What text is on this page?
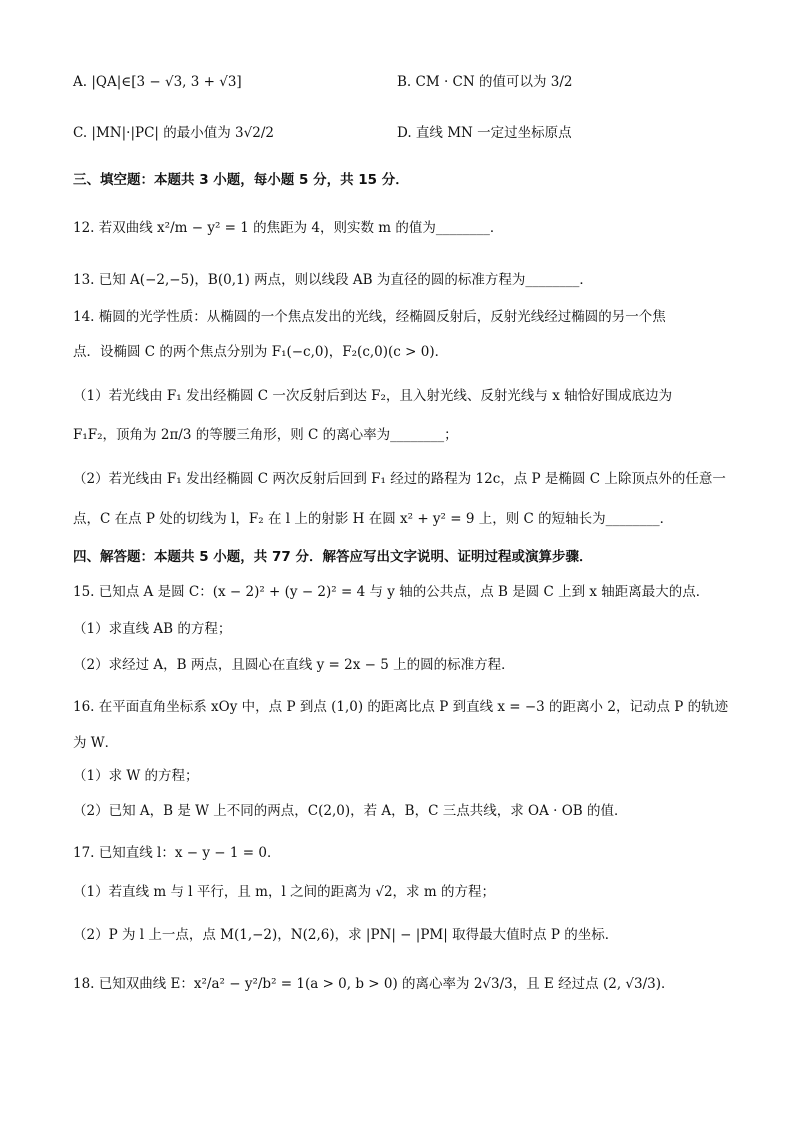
A. |QA|∈[3 − √3, 3 + √3]	B. CM · CN 的值可以为 3/2
C. |MN|·|PC| 的最小值为 3√2/2	D. 直线 MN 一定过坐标原点
三、填空题：本题共 3 小题，每小题 5 分，共 15 分．
12. 若双曲线 x²/m − y² = 1 的焦距为 4，则实数 m 的值为________．
13. 已知 A(−2,−5)，B(0,1) 两点，则以线段 AB 为直径的圆的标准方程为________．
14. 椭圆的光学性质：从椭圆的一个焦点发出的光线，经椭圆反射后，反射光线经过椭圆的另一个焦
点．设椭圆 C 的两个焦点分别为 F₁(−c,0)，F₂(c,0)(c > 0)．
（1）若光线由 F₁ 发出经椭圆 C 一次反射后到达 F₂，且入射光线、反射光线与 x 轴恰好围成底边为
F₁F₂，顶角为 2π/3 的等腰三角形，则 C 的离心率为________；
（2）若光线由 F₁ 发出经椭圆 C 两次反射后回到 F₁ 经过的路程为 12c，点 P 是椭圆 C 上除顶点外的任意一
点，C 在点 P 处的切线为 l，F₂ 在 l 上的射影 H 在圆 x² + y² = 9 上，则 C 的短轴长为________．
四、解答题：本题共 5 小题，共 77 分．解答应写出文字说明、证明过程或演算步骤．
15. 已知点 A 是圆 C：(x − 2)² + (y − 2)² = 4 与 y 轴的公共点，点 B 是圆 C 上到 x 轴距离最大的点．
（1）求直线 AB 的方程；
（2）求经过 A，B 两点，且圆心在直线 y = 2x − 5 上的圆的标准方程．
16. 在平面直角坐标系 xOy 中，点 P 到点 (1,0) 的距离比点 P 到直线 x = −3 的距离小 2，记动点 P 的轨迹
为 W．
（1）求 W 的方程；
（2）已知 A，B 是 W 上不同的两点，C(2,0)，若 A，B，C 三点共线，求 OA · OB 的值．
17. 已知直线 l：x − y − 1 = 0．
（1）若直线 m 与 l 平行，且 m，l 之间的距离为 √2，求 m 的方程；
（2）P 为 l 上一点，点 M(1,−2)，N(2,6)，求 |PN| − |PM| 取得最大值时点 P 的坐标．
18. 已知双曲线 E：x²/a² − y²/b² = 1(a > 0, b > 0) 的离心率为 2√3/3，且 E 经过点 (2, √3/3)．
